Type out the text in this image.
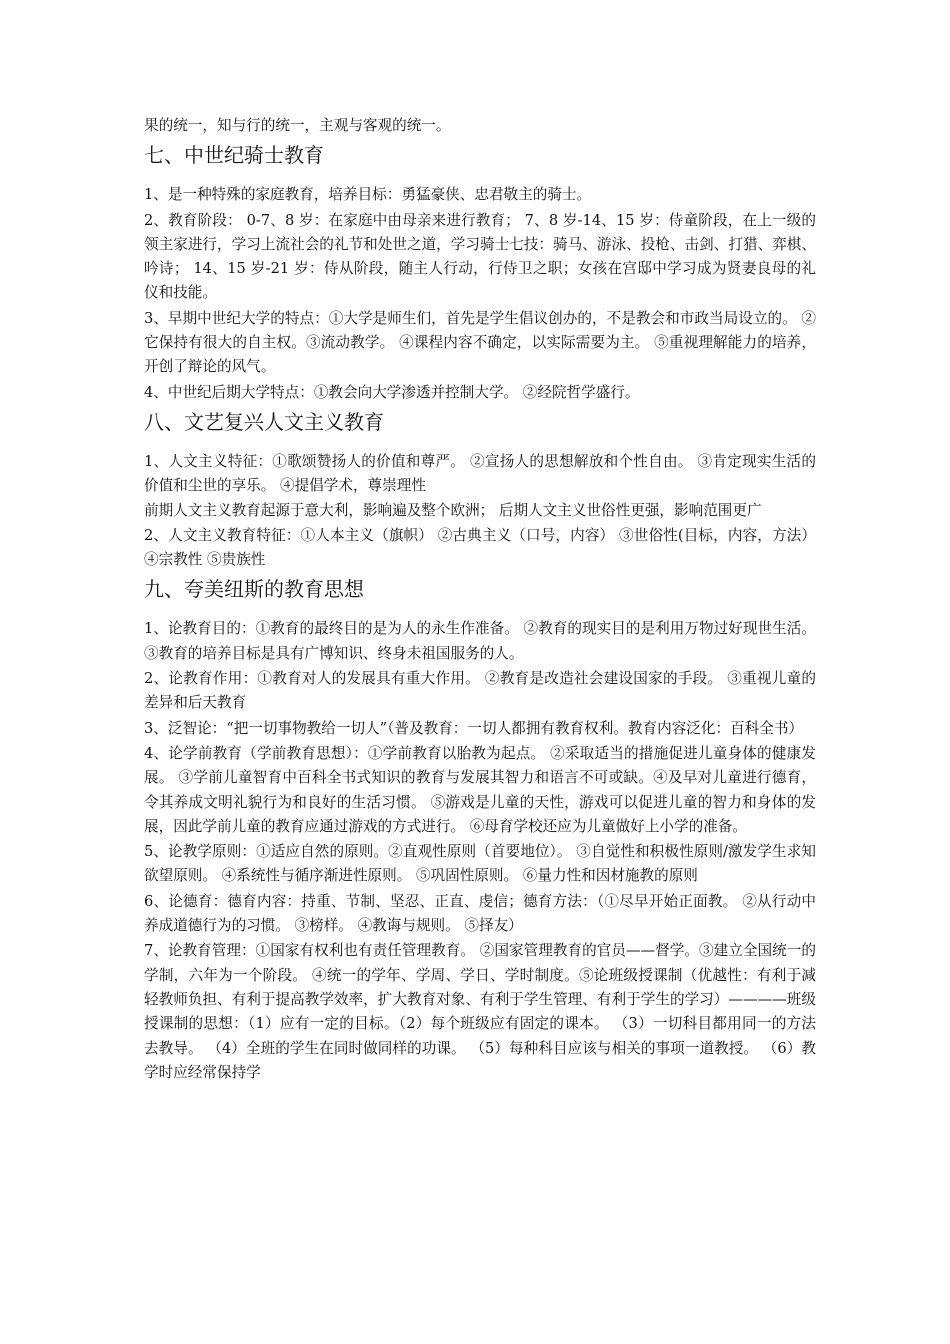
果的统一，知与行的统一，主观与客观的统一。

七、中世纪骑士教育

1、是一种特殊的家庭教育，培养目标：勇猛豪侠、忠君敬主的骑士。

2、教育阶段： 0-7、8 岁：在家庭中由母亲来进行教育； 7、8 岁-14、15 岁：侍童阶段，在上一级的领主家进行，学习上流社会的礼节和处世之道，学习骑士七技：骑马、游泳、投枪、击剑、打猎、弈棋、吟诗； 14、15 岁-21 岁：侍从阶段，随主人行动，行侍卫之职；女孩在宫邸中学习成为贤妻良母的礼仪和技能。

3、早期中世纪大学的特点：①大学是师生们，首先是学生倡议创办的，不是教会和市政当局设立的。 ②它保持有很大的自主权。③流动教学。 ④课程内容不确定，以实际需要为主。 ⑤重视理解能力的培养，开创了辩论的风气。

4、中世纪后期大学特点：①教会向大学渗透并控制大学。 ②经院哲学盛行。

八、文艺复兴人文主义教育

1、人文主义特征：①歌颂赞扬人的价值和尊严。 ②宣扬人的思想解放和个性自由。 ③肯定现实生活的价值和尘世的享乐。 ④提倡学术，尊崇理性

前期人文主义教育起源于意大利，影响遍及整个欧洲； 后期人文主义世俗性更强，影响范围更广

2、人文主义教育特征：①人本主义（旗帜） ②古典主义（口号，内容） ③世俗性(目标，内容，方法） ④宗教性 ⑤贵族性

九、夸美纽斯的教育思想

1、论教育目的：①教育的最终目的是为人的永生作准备。 ②教育的现实目的是利用万物过好现世生活。 ③教育的培养目标是具有广博知识、终身未祖国服务的人。

2、论教育作用：①教育对人的发展具有重大作用。 ②教育是改造社会建设国家的手段。 ③重视儿童的差异和后天教育

3、泛智论：“把一切事物教给一切人”（普及教育：一切人都拥有教育权利。教育内容泛化：百科全书）

4、论学前教育（学前教育思想）：①学前教育以胎教为起点。 ②采取适当的措施促进儿童身体的健康发展。 ③学前儿童智育中百科全书式知识的教育与发展其智力和语言不可或缺。④及早对儿童进行德育，令其养成文明礼貌行为和良好的生活习惯。 ⑤游戏是儿童的天性，游戏可以促进儿童的智力和身体的发展，因此学前儿童的教育应通过游戏的方式进行。 ⑥母育学校还应为儿童做好上小学的准备。

5、论教学原则：①适应自然的原则。②直观性原则（首要地位）。 ③自觉性和积极性原则/激发学生求知欲望原则。 ④系统性与循序渐进性原则。 ⑤巩固性原则。 ⑥量力性和因材施教的原则

6、论德育：德育内容：持重、节制、坚忍、正直、虔信；德育方法：（①尽早开始正面教。 ②从行动中养成道德行为的习惯。 ③榜样。 ④教诲与规则。 ⑤择友）

7、论教育管理：①国家有权利也有责任管理教育。 ②国家管理教育的官员——督学。③建立全国统一的学制，六年为一个阶段。 ④统一的学年、学周、学日、学时制度。⑤论班级授课制（优越性：有利于减轻教师负担、有利于提高教学效率，扩大教育对象、有利于学生管理、有利于学生的学习）————班级授课制的思想：（1）应有一定的目标。（2）每个班级应有固定的课本。 （3）一切科目都用同一的方法去教导。 （4）全班的学生在同时做同样的功课。 （5）每种科目应该与相关的事项一道教授。 （6）教学时应经常保持学
